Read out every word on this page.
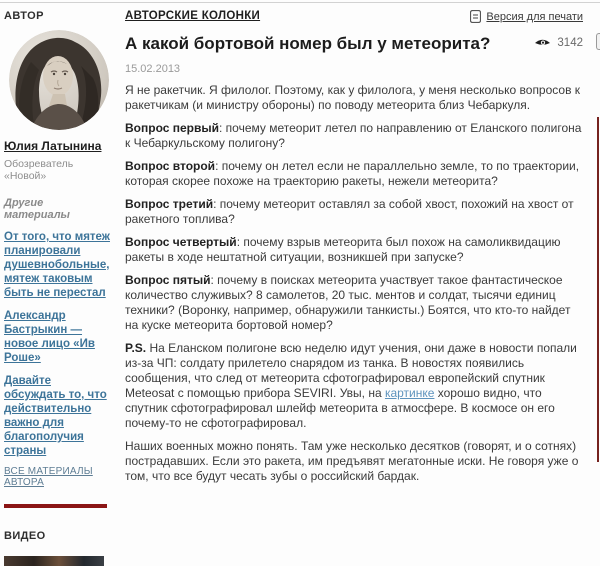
АВТОР
Юлия Латынина
Обозреватель «Новой»
Другие материалы
От того, что мятеж планировали душевнобольные, мятеж таковым быть не перестал
Александр Бастрыкин — новое лицо «Ив Роше»
Давайте обсуждать то, что действительно важно для благополучия страны
ВСЕ МАТЕРИАЛЫ АВТОРА
ВИДЕО
АВТОРСКИЕ КОЛОНКИ	Версия для печати
А какой бортовой номер был у метеорита?	3142
15.02.2013

Я не ракетчик. Я филолог. Поэтому, как у филолога, у меня несколько вопросов к ракетчикам (и министру обороны) по поводу метеорита близ Чебаркуля.

Вопрос первый: почему метеорит летел по направлению от Еланского полигона к Чебаркульскому полигону?

Вопрос второй: почему он летел если не параллельно земле, то по траектории, которая скорее похоже на траекторию ракеты, нежели метеорита?

Вопрос третий: почему метеорит оставлял за собой хвост, похожий на хвост от ракетного топлива?

Вопрос четвертый: почему взрыв метеорита был похож на самоликвидацию ракеты в ходе нештатной ситуации, возникшей при запуске?

Вопрос пятый: почему в поисках метеорита участвует такое фантастическое количество служивых? 8 самолетов, 20 тыс. ментов и солдат, тысячи единиц техники? (Воронку, например, обнаружили танкисты.) Боятся, что кто-то найдет на куске метеорита бортовой номер?

P.S. На Еланском полигоне всю неделю идут учения, они даже в новости попали из-за ЧП: солдату прилетело снарядом из танка. В новостях появились сообщения, что след от метеорита сфотографировал европейский спутник Meteosat с помощью прибора SEVIRI. Увы, на картинке хорошо видно, что спутник сфотографировал шлейф метеорита в атмосфере. В космосе он его почему-то не сфотографировал.

Наших военных можно понять. Там уже несколько десятков (говорят, и о сотнях) пострадавших. Если это ракета, им предъявят мегатонные иски. Не говоря уже о том, что все будут чесать зубы о российский бардак.
